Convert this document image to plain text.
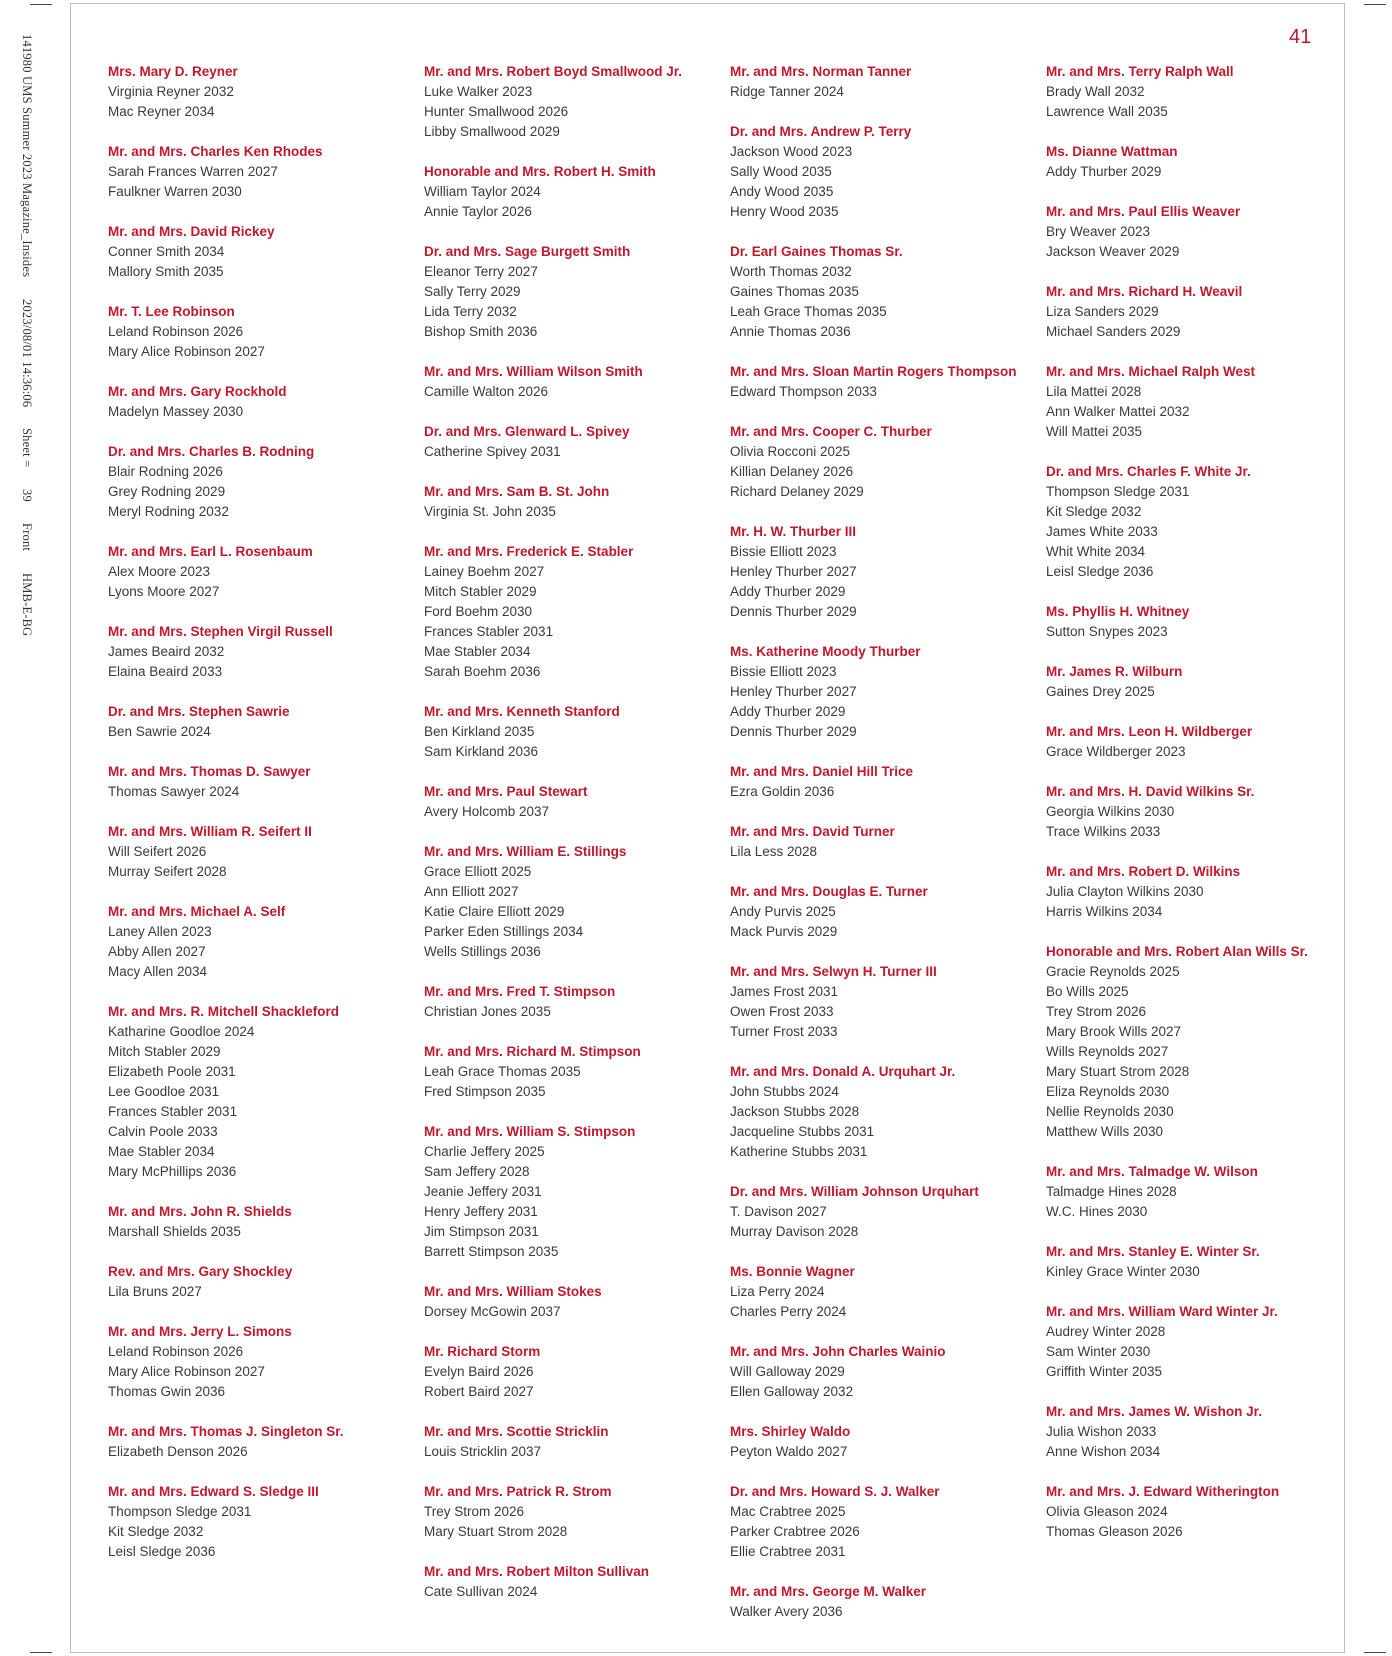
141980 UMS Summer 2023 Magazine_Insides 2023/08/01 14:36:06 Sheet = 39 Front HMB-E-BG
41
Mrs. Mary D. Reyner
Virginia Reyner 2032
Mac Reyner 2034
Mr. and Mrs. Charles Ken Rhodes
Sarah Frances Warren 2027
Faulkner Warren 2030
Mr. and Mrs. David Rickey
Conner Smith 2034
Mallory Smith 2035
Mr. T. Lee Robinson
Leland Robinson 2026
Mary Alice Robinson 2027
Mr. and Mrs. Gary Rockhold
Madelyn Massey 2030
Dr. and Mrs. Charles B. Rodning
Blair Rodning 2026
Grey Rodning 2029
Meryl Rodning 2032
Mr. and Mrs. Earl L. Rosenbaum
Alex Moore 2023
Lyons Moore 2027
Mr. and Mrs. Stephen Virgil Russell
James Beaird 2032
Elaina Beaird 2033
Dr. and Mrs. Stephen Sawrie
Ben Sawrie 2024
Mr. and Mrs. Thomas D. Sawyer
Thomas Sawyer 2024
Mr. and Mrs. William R. Seifert II
Will Seifert 2026
Murray Seifert 2028
Mr. and Mrs. Michael A. Self
Laney Allen 2023
Abby Allen 2027
Macy Allen 2034
Mr. and Mrs. R. Mitchell Shackleford
Katharine Goodloe 2024
Mitch Stabler 2029
Elizabeth Poole 2031
Lee Goodloe 2031
Frances Stabler 2031
Calvin Poole 2033
Mae Stabler 2034
Mary McPhillips 2036
Mr. and Mrs. John R. Shields
Marshall Shields 2035
Rev. and Mrs. Gary Shockley
Lila Bruns 2027
Mr. and Mrs. Jerry L. Simons
Leland Robinson 2026
Mary Alice Robinson 2027
Thomas Gwin 2036
Mr. and Mrs. Thomas J. Singleton Sr.
Elizabeth Denson 2026
Mr. and Mrs. Edward S. Sledge III
Thompson Sledge 2031
Kit Sledge 2032
Leisl Sledge 2036
Mr. and Mrs. Robert Boyd Smallwood Jr.
Luke Walker 2023
Hunter Smallwood 2026
Libby Smallwood 2029
Honorable and Mrs. Robert H. Smith
William Taylor 2024
Annie Taylor 2026
Dr. and Mrs. Sage Burgett Smith
Eleanor Terry 2027
Sally Terry 2029
Lida Terry 2032
Bishop Smith 2036
Mr. and Mrs. William Wilson Smith
Camille Walton 2026
Dr. and Mrs. Glenward L. Spivey
Catherine Spivey 2031
Mr. and Mrs. Sam B. St. John
Virginia St. John 2035
Mr. and Mrs. Frederick E. Stabler
Lainey Boehm 2027
Mitch Stabler 2029
Ford Boehm 2030
Frances Stabler 2031
Mae Stabler 2034
Sarah Boehm 2036
Mr. and Mrs. Kenneth Stanford
Ben Kirkland 2035
Sam Kirkland 2036
Mr. and Mrs. Paul Stewart
Avery Holcomb 2037
Mr. and Mrs. William E. Stillings
Grace Elliott 2025
Ann Elliott 2027
Katie Claire Elliott 2029
Parker Eden Stillings 2034
Wells Stillings 2036
Mr. and Mrs. Fred T. Stimpson
Christian Jones 2035
Mr. and Mrs. Richard M. Stimpson
Leah Grace Thomas 2035
Fred Stimpson 2035
Mr. and Mrs. William S. Stimpson
Charlie Jeffery 2025
Sam Jeffery 2028
Jeanie Jeffery 2031
Henry Jeffery 2031
Jim Stimpson 2031
Barrett Stimpson 2035
Mr. and Mrs. William Stokes
Dorsey McGowin 2037
Mr. Richard Storm
Evelyn Baird 2026
Robert Baird 2027
Mr. and Mrs. Scottie Stricklin
Louis Stricklin 2037
Mr. and Mrs. Patrick R. Strom
Trey Strom 2026
Mary Stuart Strom 2028
Mr. and Mrs. Robert Milton Sullivan
Cate Sullivan 2024
Mr. and Mrs. Norman Tanner
Ridge Tanner 2024
Dr. and Mrs. Andrew P. Terry
Jackson Wood 2023
Sally Wood 2035
Andy Wood 2035
Henry Wood 2035
Dr. Earl Gaines Thomas Sr.
Worth Thomas 2032
Gaines Thomas 2035
Leah Grace Thomas 2035
Annie Thomas 2036
Mr. and Mrs. Sloan Martin Rogers Thompson
Edward Thompson 2033
Mr. and Mrs. Cooper C. Thurber
Olivia Rocconi 2025
Killian Delaney 2026
Richard Delaney 2029
Mr. H. W. Thurber III
Bissie Elliott 2023
Henley Thurber 2027
Addy Thurber 2029
Dennis Thurber 2029
Ms. Katherine Moody Thurber
Bissie Elliott 2023
Henley Thurber 2027
Addy Thurber 2029
Dennis Thurber 2029
Mr. and Mrs. Daniel Hill Trice
Ezra Goldin 2036
Mr. and Mrs. David Turner
Lila Less 2028
Mr. and Mrs. Douglas E. Turner
Andy Purvis 2025
Mack Purvis 2029
Mr. and Mrs. Selwyn H. Turner III
James Frost 2031
Owen Frost 2033
Turner Frost 2033
Mr. and Mrs. Donald A. Urquhart Jr.
John Stubbs 2024
Jackson Stubbs 2028
Jacqueline Stubbs 2031
Katherine Stubbs 2031
Dr. and Mrs. William Johnson Urquhart
T. Davison 2027
Murray Davison 2028
Ms. Bonnie Wagner
Liza Perry 2024
Charles Perry 2024
Mr. and Mrs. John Charles Wainio
Will Galloway 2029
Ellen Galloway 2032
Mrs. Shirley Waldo
Peyton Waldo 2027
Dr. and Mrs. Howard S. J. Walker
Mac Crabtree 2025
Parker Crabtree 2026
Ellie Crabtree 2031
Mr. and Mrs. George M. Walker
Walker Avery 2036
Mr. and Mrs. Terry Ralph Wall
Brady Wall 2032
Lawrence Wall 2035
Ms. Dianne Wattman
Addy Thurber 2029
Mr. and Mrs. Paul Ellis Weaver
Bry Weaver 2023
Jackson Weaver 2029
Mr. and Mrs. Richard H. Weavil
Liza Sanders 2029
Michael Sanders 2029
Mr. and Mrs. Michael Ralph West
Lila Mattei 2028
Ann Walker Mattei 2032
Will Mattei 2035
Dr. and Mrs. Charles F. White Jr.
Thompson Sledge 2031
Kit Sledge 2032
James White 2033
Whit White 2034
Leisl Sledge 2036
Ms. Phyllis H. Whitney
Sutton Snypes 2023
Mr. James R. Wilburn
Gaines Drey 2025
Mr. and Mrs. Leon H. Wildberger
Grace Wildberger 2023
Mr. and Mrs. H. David Wilkins Sr.
Georgia Wilkins 2030
Trace Wilkins 2033
Mr. and Mrs. Robert D. Wilkins
Julia Clayton Wilkins 2030
Harris Wilkins 2034
Honorable and Mrs. Robert Alan Wills Sr.
Gracie Reynolds 2025
Bo Wills 2025
Trey Strom 2026
Mary Brook Wills 2027
Wills Reynolds 2027
Mary Stuart Strom 2028
Eliza Reynolds 2030
Nellie Reynolds 2030
Matthew Wills 2030
Mr. and Mrs. Talmadge W. Wilson
Talmadge Hines 2028
W.C. Hines 2030
Mr. and Mrs. Stanley E. Winter Sr.
Kinley Grace Winter 2030
Mr. and Mrs. William Ward Winter Jr.
Audrey Winter 2028
Sam Winter 2030
Griffith Winter 2035
Mr. and Mrs. James W. Wishon Jr.
Julia Wishon 2033
Anne Wishon 2034
Mr. and Mrs. J. Edward Witherington
Olivia Gleason 2024
Thomas Gleason 2026
